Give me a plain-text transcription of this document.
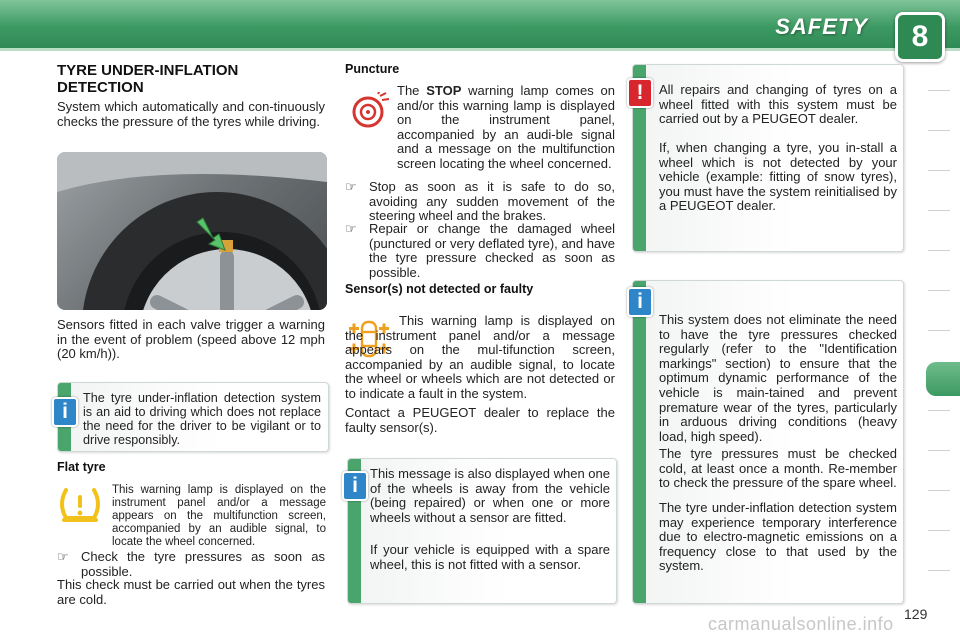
SAFETY	8
TYRE UNDER-INFLATION DETECTION

System which automatically and con-tinuously checks the pressure of the tyres while driving.

Sensors fitted in each valve trigger a warning in the event of problem (speed above 12 mph (20 km/h)).

The tyre under-inflation detection system is an aid to driving which does not replace the need for the driver to be vigilant or to drive responsibly.

i
Flat tyre

This warning lamp is displayed on the instrument panel and/or a message appears on the multifunction screen, accompanied by an audible signal, to locate the wheel concerned.

☞ Check the tyre pressures as soon as possible.

This check must be carried out when the tyres are cold.

Puncture

The STOP warning lamp comes on and/or this warning lamp is displayed on the instrument panel, accompanied by an audi-ble signal and a message on the multifunction screen locating the wheel concerned.

☞ Stop as soon as it is safe to do so, avoiding any sudden movement of the steering wheel and the brakes.
☞ Repair or change the damaged wheel (punctured or very deflated tyre), and have the tyre pressure checked as soon as possible.
Sensor(s) not detected or faulty

This warning lamp is displayed on the instrument panel and/or a message appears on the mul-tifunction screen, accompanied by an audible signal, to locate the wheel or wheels which are not detected or to indicate a fault in the system.

Contact a PEUGEOT dealer to replace the faulty sensor(s).

This message is also displayed when one of the wheels is away from the vehicle (being repaired) or when one or more wheels without a sensor are fitted.

If your vehicle is equipped with a spare wheel, this is not fitted with a sensor.

i

All repairs and changing of tyres on a wheel fitted with this system must be carried out by a PEUGEOT dealer.

If, when changing a tyre, you in-stall a wheel which is not detected by your vehicle (example: fitting of snow tyres), you must have the system reinitialised by a PEUGEOT dealer.

!

This system does not eliminate the need to have the tyre pressures checked regularly (refer to the "Identification markings" section) to ensure that the optimum dynamic performance of the vehicle is main-tained and prevent premature wear of the tyres, particularly in arduous driving conditions (heavy load, high speed).

The tyre pressures must be checked cold, at least once a month. Re-member to check the pressure of the spare wheel.

The tyre under-inflation detection system may experience temporary interference due to electro-magnetic emissions on a frequency close to that used by the system.

i
carmanualsonline.info 129
